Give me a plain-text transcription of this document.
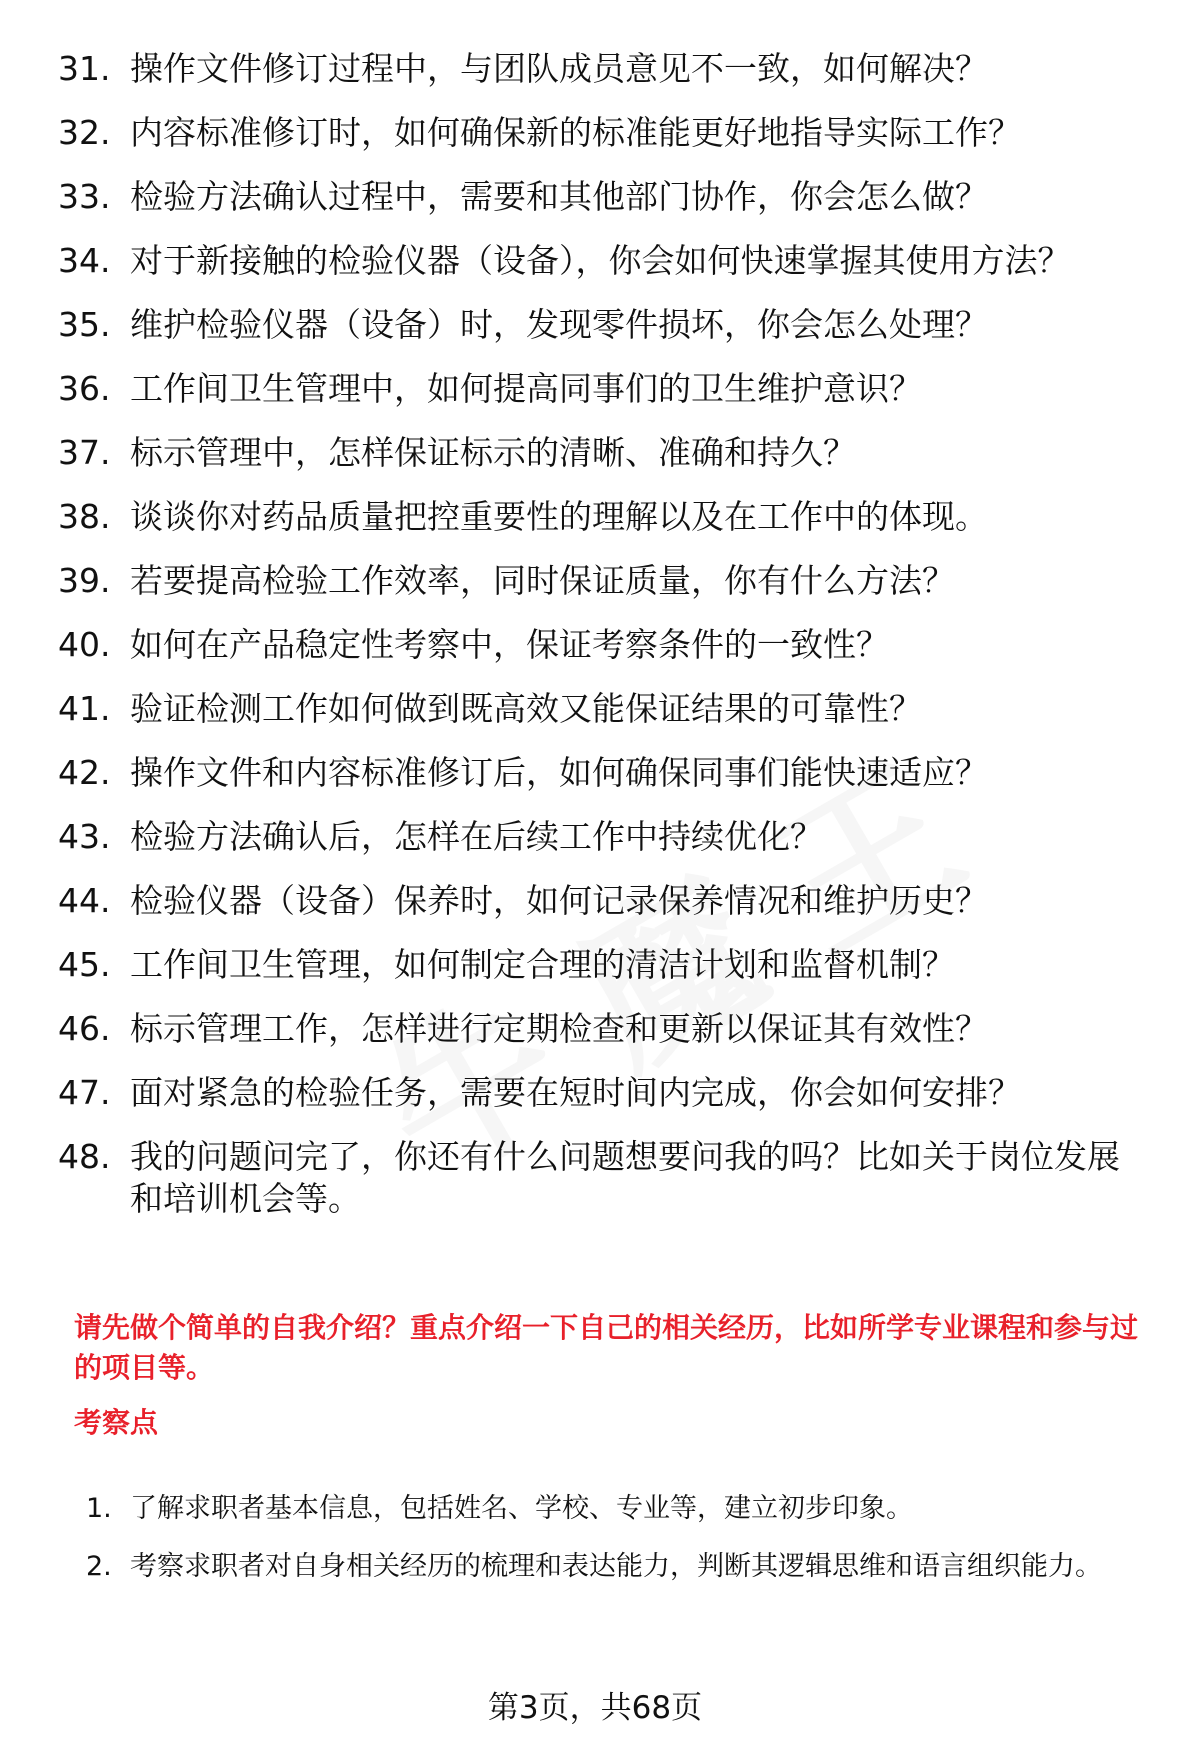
31. 操作文件修订过程中，与团队成员意见不一致，如何解决？
32. 内容标准修订时，如何确保新的标准能更好地指导实际工作？
33. 检验方法确认过程中，需要和其他部门协作，你会怎么做？
34. 对于新接触的检验仪器（设备），你会如何快速掌握其使用方法？
35. 维护检验仪器（设备）时，发现零件损坏，你会怎么处理？
36. 工作间卫生管理中，如何提高同事们的卫生维护意识？
37. 标示管理中，怎样保证标示的清晰、准确和持久？
38. 谈谈你对药品质量把控重要性的理解以及在工作中的体现。
39. 若要提高检验工作效率，同时保证质量，你有什么方法？
40. 如何在产品稳定性考察中，保证考察条件的一致性？
41. 验证检测工作如何做到既高效又能保证结果的可靠性？
42. 操作文件和内容标准修订后，如何确保同事们能快速适应？
43. 检验方法确认后，怎样在后续工作中持续优化？
44. 检验仪器（设备）保养时，如何记录保养情况和维护历史？
45. 工作间卫生管理，如何制定合理的清洁计划和监督机制？
46. 标示管理工作，怎样进行定期检查和更新以保证其有效性？
47. 面对紧急的检验任务，需要在短时间内完成，你会如何安排？
48. 我的问题问完了，你还有什么问题想要问我的吗？比如关于岗位发展和培训机会等。
请先做个简单的自我介绍？重点介绍一下自己的相关经历，比如所学专业课程和参与过的项目等。
考察点
1. 了解求职者基本信息，包括姓名、学校、专业等，建立初步印象。
2. 考察求职者对自身相关经历的梳理和表达能力，判断其逻辑思维和语言组织能力。
第3页，共68页
